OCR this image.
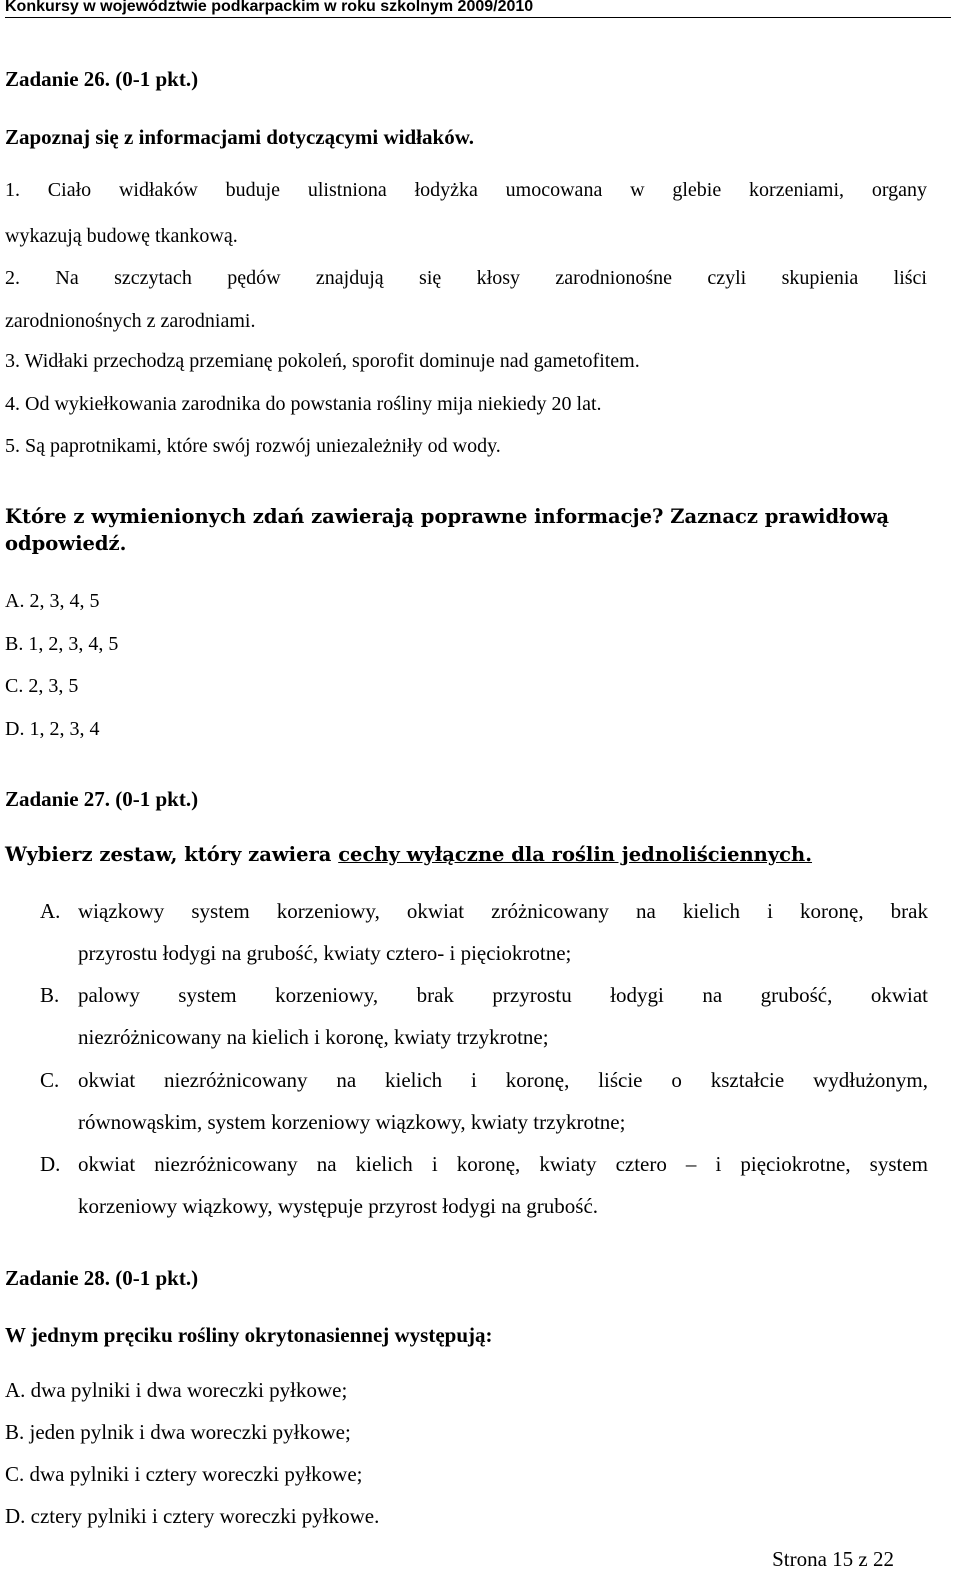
Konkursy w województwie podkarpackim w roku szkolnym 2009/2010
Zadanie 26. (0-1 pkt.)
Zapoznaj się z informacjami dotyczącymi widłaków.
1. Ciało widłaków buduje ulistniona łodyżka umocowana w glebie korzeniami, organy
wykazują budowę tkankową.
2. Na szczytach pędów znajdują się kłosy zarodnionośne czyli skupienia liści
zarodnionośnych z zarodniami.
3. Widłaki przechodzą przemianę pokoleń, sporofit dominuje nad gametofitem.
4. Od wykiełkowania zarodnika do powstania rośliny mija niekiedy 20 lat.
5. Są paprotnikami, które swój rozwój uniezależniły od wody.
Które z wymienionych zdań zawierają poprawne informacje? Zaznacz prawidłową
odpowiedź.
A. 2, 3, 4, 5
B. 1, 2, 3, 4, 5
C. 2, 3, 5
D. 1, 2, 3, 4
Zadanie 27. (0-1 pkt.)
Wybierz zestaw, który zawiera cechy wyłączne dla roślin jednoliściennych.
A. wiązkowy system korzeniowy, okwiat zróżnicowany na kielich i koronę, brak
przyrostu łodygi na grubość, kwiaty cztero- i pięciokrotne;
B. palowy system korzeniowy, brak przyrostu łodygi na grubość, okwiat
niezróżnicowany na kielich i koronę, kwiaty trzykrotne;
C. okwiat niezróżnicowany na kielich i koronę, liście o kształcie wydłużonym,
równowąskim, system korzeniowy wiązkowy, kwiaty trzykrotne;
D. okwiat niezróżnicowany na kielich i koronę, kwiaty cztero – i pięciokrotne, system
korzeniowy wiązkowy, występuje przyrost łodygi na grubość.
Zadanie 28. (0-1 pkt.)
W jednym pręciku rośliny okrytonasiennej występują:
A. dwa pylniki i dwa woreczki pyłkowe;
B. jeden pylnik i dwa woreczki pyłkowe;
C. dwa pylniki i cztery woreczki pyłkowe;
D. cztery pylniki i cztery woreczki pyłkowe.
Strona 15 z 22
